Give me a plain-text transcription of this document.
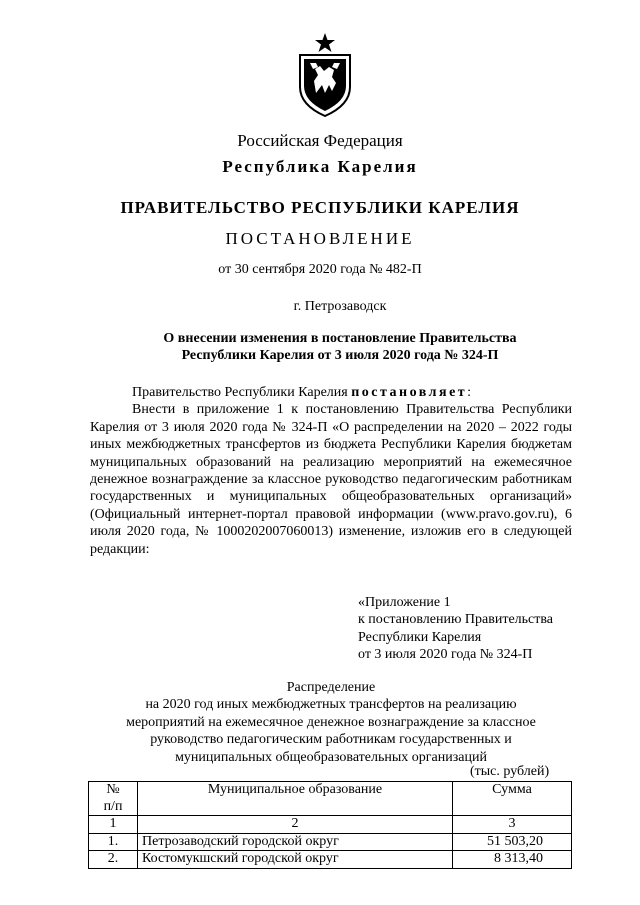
Российская Федерация
Республика Карелия
ПРАВИТЕЛЬСТВО РЕСПУБЛИКИ КАРЕЛИЯ
ПОСТАНОВЛЕНИЕ
от 30 сентября 2020 года № 482-П
г. Петрозаводск
О внесении изменения в постановление Правительства
Республики Карелия от 3 июля 2020 года № 324-П

Правительство Республики Карелия постановляет:

Внести в приложение 1 к постановлению Правительства Республики Карелия от 3 июля 2020 года № 324-П «О распределении на 2020 – 2022 годы иных межбюджетных трансфертов из бюджета Республики Карелия бюджетам муниципальных образований на реализацию мероприятий на ежемесячное денежное вознаграждение за классное руководство педагогическим работникам государственных и муниципальных общеобразовательных организаций» (Официальный интернет-портал правовой информации (www.pravo.gov.ru), 6 июля 2020 года, № 1000202007060013) изменение, изложив его в следующей редакции:

«Приложение 1
к постановлению Правительства
Республики Карелия
от 3 июля 2020 года № 324-П
Распределение
на 2020 год иных межбюджетных трансфертов на реализацию
мероприятий на ежемесячное денежное вознаграждение за классное
руководство педагогическим работникам государственных и
муниципальных общеобразовательных организаций
(тыс. рублей)
№
п/п	Муниципальное образование	Сумма
1	2	3
1.	Петрозаводский городской округ	51 503,20
2.	Костомукшский городской округ	8 313,40
